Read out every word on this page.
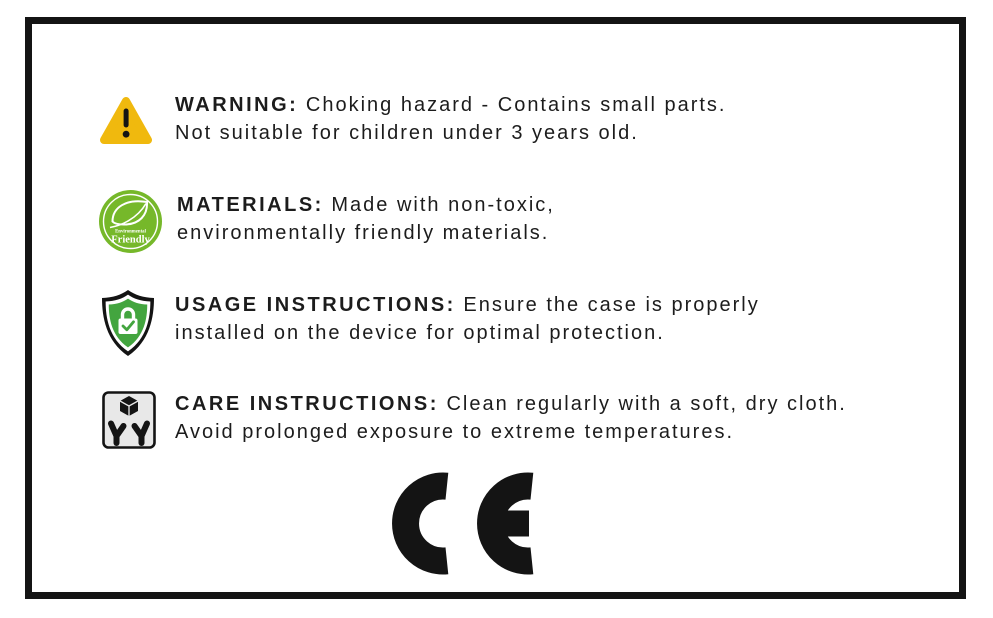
WARNING: Choking hazard - Contains small parts.
Not suitable for children under 3 years old.
Environmental
Friendly
MATERIALS: Made with non-toxic,
environmentally friendly materials.
USAGE INSTRUCTIONS: Ensure the case is properly
installed on the device for optimal protection.
CARE INSTRUCTIONS: Clean regularly with a soft, dry cloth.
Avoid prolonged exposure to extreme temperatures.
